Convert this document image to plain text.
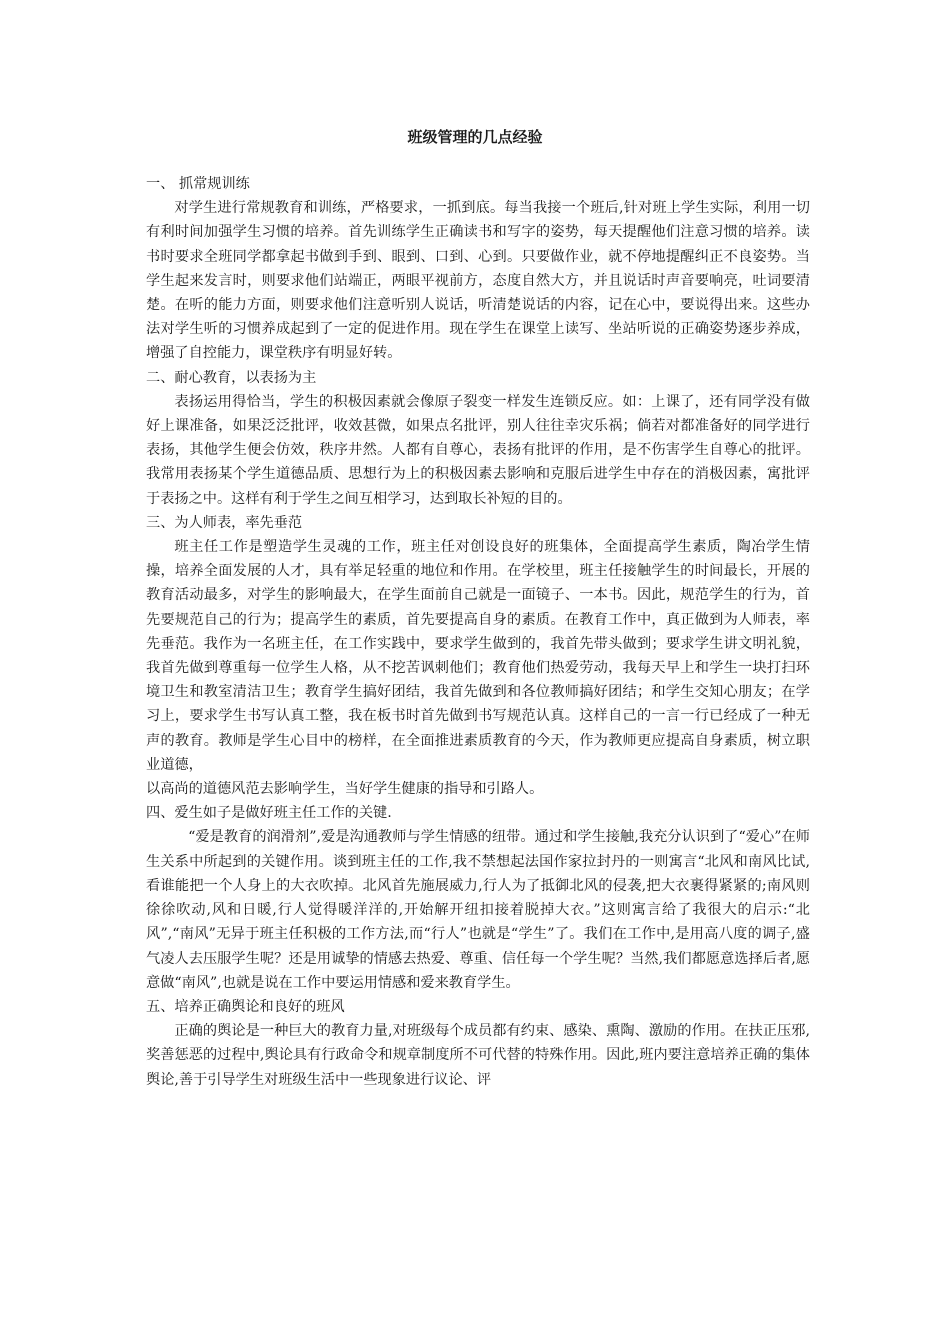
班级管理的几点经验

一、 抓常规训练

对学生进行常规教育和训练，严格要求，一抓到底。每当我接一个班后,针对班上学生实际，利用一切有利时间加强学生习惯的培养。首先训练学生正确读书和写字的姿势，每天提醒他们注意习惯的培养。读书时要求全班同学都拿起书做到手到、眼到、口到、心到。只要做作业，就不停地提醒纠正不良姿势。当学生起来发言时，则要求他们站端正，两眼平视前方，态度自然大方，并且说话时声音要响亮，吐词要清楚。在听的能力方面，则要求他们注意听别人说话，听清楚说话的内容，记在心中，要说得出来。这些办法对学生听的习惯养成起到了一定的促进作用。现在学生在课堂上读写、坐站听说的正确姿势逐步养成，增强了自控能力，课堂秩序有明显好转。

二、耐心教育，以表扬为主

表扬运用得恰当，学生的积极因素就会像原子裂变一样发生连锁反应。如：上课了，还有同学没有做好上课准备，如果泛泛批评，收效甚微，如果点名批评，别人往往幸灾乐祸；倘若对都准备好的同学进行表扬，其他学生便会仿效，秩序井然。人都有自尊心，表扬有批评的作用，是不伤害学生自尊心的批评。我常用表扬某个学生道德品质、思想行为上的积极因素去影响和克服后进学生中存在的消极因素，寓批评于表扬之中。这样有利于学生之间互相学习，达到取长补短的目的。

三、为人师表，率先垂范

班主任工作是塑造学生灵魂的工作，班主任对创设良好的班集体，全面提高学生素质，陶冶学生情操，培养全面发展的人才，具有举足轻重的地位和作用。在学校里，班主任接触学生的时间最长，开展的教育活动最多，对学生的影响最大，在学生面前自己就是一面镜子、一本书。因此，规范学生的行为，首先要规范自己的行为；提高学生的素质，首先要提高自身的素质。在教育工作中，真正做到为人师表，率先垂范。我作为一名班主任，在工作实践中，要求学生做到的，我首先带头做到；要求学生讲文明礼貌，我首先做到尊重每一位学生人格，从不挖苦讽刺他们；教育他们热爱劳动，我每天早上和学生一块打扫环境卫生和教室清洁卫生；教育学生搞好团结，我首先做到和各位教师搞好团结；和学生交知心朋友；在学习上，要求学生书写认真工整，我在板书时首先做到书写规范认真。这样自己的一言一行已经成了一种无声的教育。教师是学生心目中的榜样，在全面推进素质教育的今天，作为教师更应提高自身素质，树立职业道德，

以高尚的道德风范去影响学生，当好学生健康的指导和引路人。

四、爱生如子是做好班主任工作的关键.

“爱是教育的润滑剂”,爱是沟通教师与学生情感的纽带。通过和学生接触,我充分认识到了“爱心”在师生关系中所起到的关键作用。谈到班主任的工作,我不禁想起法国作家拉封丹的一则寓言“北风和南风比试,看谁能把一个人身上的大衣吹掉。北风首先施展威力,行人为了抵御北风的侵袭,把大衣裹得紧紧的;南风则徐徐吹动,风和日暖,行人觉得暖洋洋的,开始解开纽扣接着脱掉大衣。”这则寓言给了我很大的启示:“北风”,“南风”无异于班主任积极的工作方法,而“行人”也就是“学生”了。我们在工作中,是用高八度的调子,盛气凌人去压服学生呢？还是用诚挚的情感去热爱、尊重、信任每一个学生呢？当然,我们都愿意选择后者,愿意做“南风”,也就是说在工作中要运用情感和爱来教育学生。

五、培养正确舆论和良好的班风

正确的舆论是一种巨大的教育力量,对班级每个成员都有约束、感染、熏陶、激励的作用。在扶正压邪,奖善惩恶的过程中,舆论具有行政命令和规章制度所不可代替的特殊作用。因此,班内要注意培养正确的集体舆论,善于引导学生对班级生活中一些现象进行议论、评
